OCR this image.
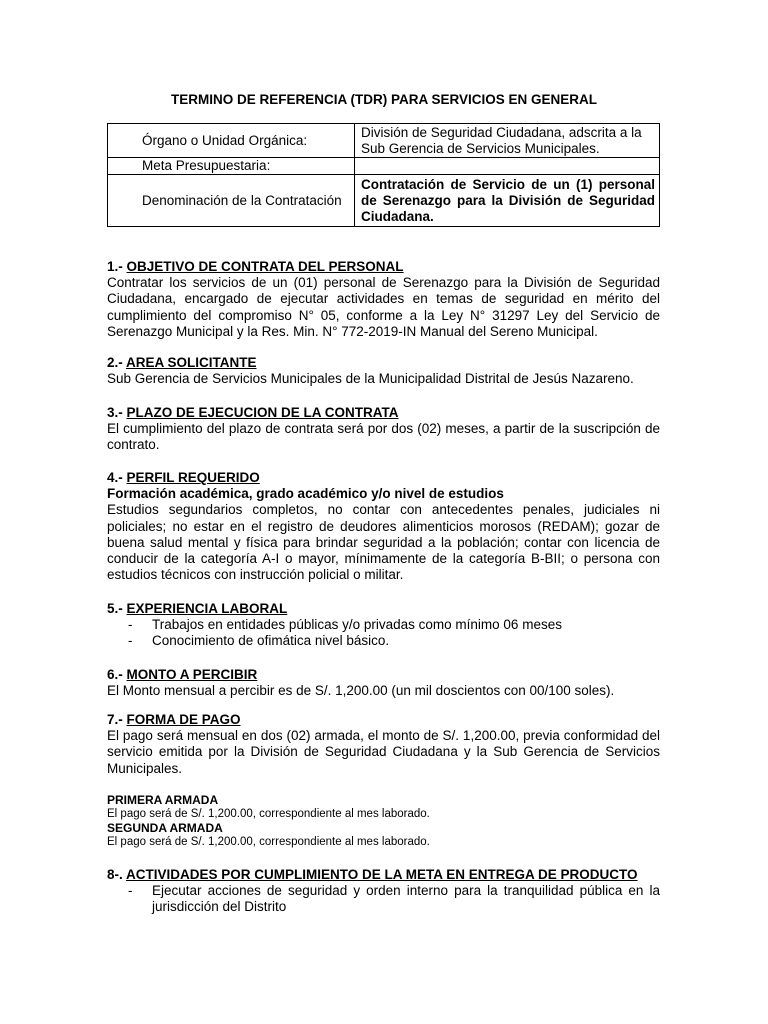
TERMINO DE REFERENCIA (TDR) PARA SERVICIOS EN GENERAL
Órgano o Unidad Orgánica:	División de Seguridad Ciudadana, adscrita a la Sub Gerencia de Servicios Municipales.
Meta Presupuestaria:	
Denominación de la Contratación	Contratación de Servicio de un (1) personal de Serenazgo para la División de Seguridad Ciudadana.
1.- OBJETIVO DE CONTRATA DEL PERSONAL
Contratar los servicios de un (01) personal de Serenazgo para la División de Seguridad Ciudadana, encargado de ejecutar actividades en temas de seguridad en mérito del cumplimiento del compromiso N° 05, conforme a la Ley N° 31297 Ley del Servicio de Serenazgo Municipal y la Res. Min. N° 772-2019-IN Manual del Sereno Municipal.
2.- AREA SOLICITANTE
Sub Gerencia de Servicios Municipales de la Municipalidad Distrital de Jesús Nazareno.
3.- PLAZO DE EJECUCION DE LA CONTRATA
El cumplimiento del plazo de contrata será por dos (02) meses, a partir de la suscripción de contrato.
4.- PERFIL REQUERIDO
Formación académica, grado académico y/o nivel de estudios
Estudios segundarios completos, no contar con antecedentes penales, judiciales ni policiales; no estar en el registro de deudores alimenticios morosos (REDAM); gozar de buena salud mental y física para brindar seguridad a la población; contar con licencia de conducir de la categoría A-I o mayor, mínimamente de la categoría B-BII; o persona con estudios técnicos con instrucción policial o militar.
5.- EXPERIENCIA LABORAL
- Trabajos en entidades públicas y/o privadas como mínimo 06 meses
- Conocimiento de ofimática nivel básico.
6.- MONTO A PERCIBIR
El Monto mensual a percibir es de S/. 1,200.00 (un mil doscientos con 00/100 soles).
7.- FORMA DE PAGO
El pago será mensual en dos (02) armada, el monto de S/. 1,200.00, previa conformidad del servicio emitida por la División de Seguridad Ciudadana y la Sub Gerencia de Servicios Municipales.
PRIMERA ARMADA
El pago será de S/. 1,200.00, correspondiente al mes laborado.
SEGUNDA ARMADA
El pago será de S/. 1,200.00, correspondiente al mes laborado.
8-. ACTIVIDADES POR CUMPLIMIENTO DE LA META EN ENTREGA DE PRODUCTO
- Ejecutar acciones de seguridad y orden interno para la tranquilidad pública en la jurisdicción del Distrito
